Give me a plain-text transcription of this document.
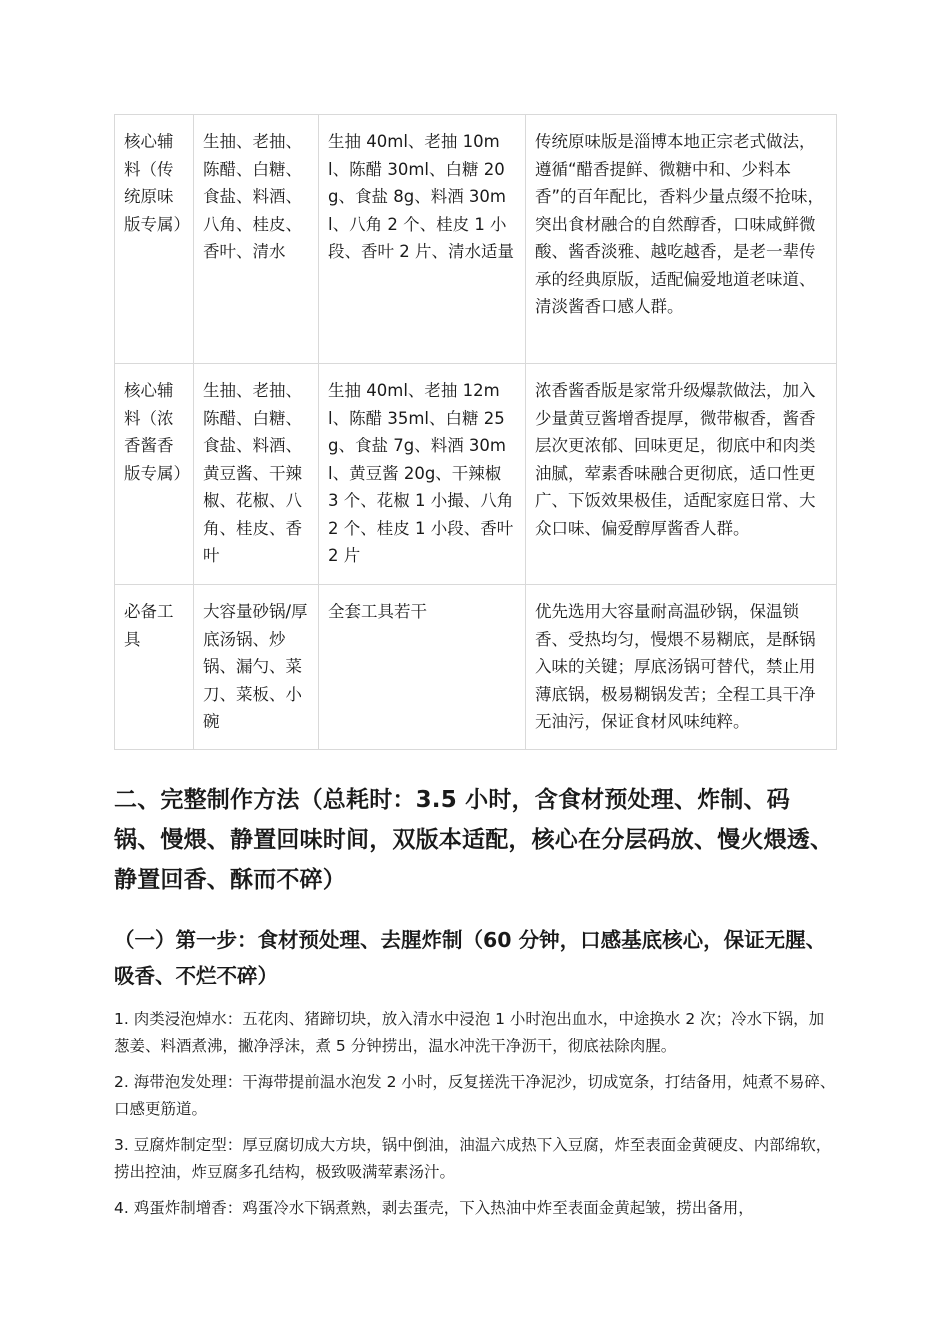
核心辅料（传统原味版专属）	生抽、老抽、陈醋、白糖、食盐、料酒、八角、桂皮、香叶、清水	生抽 40ml、老抽 10ml、陈醋 30ml、白糖 20g、食盐 8g、料酒 30ml、八角 2 个、桂皮 1 小段、香叶 2 片、清水适量	传统原味版是淄博本地正宗老式做法，遵循“醋香提鲜、微糖中和、少料本香”的百年配比，香料少量点缀不抢味，突出食材融合的自然醇香，口味咸鲜微酸、酱香淡雅、越吃越香，是老一辈传承的经典原版，适配偏爱地道老味道、清淡酱香口感人群。
核心辅料（浓香酱香版专属）	生抽、老抽、陈醋、白糖、食盐、料酒、黄豆酱、干辣椒、花椒、八角、桂皮、香叶	生抽 40ml、老抽 12ml、陈醋 35ml、白糖 25g、食盐 7g、料酒 30ml、黄豆酱 20g、干辣椒 3 个、花椒 1 小撮、八角 2 个、桂皮 1 小段、香叶 2 片	浓香酱香版是家常升级爆款做法，加入少量黄豆酱增香提厚，微带椒香，酱香层次更浓郁、回味更足，彻底中和肉类油腻，荤素香味融合更彻底，适口性更广、下饭效果极佳，适配家庭日常、大众口味、偏爱醇厚酱香人群。
必备工具	大容量砂锅/厚底汤锅、炒锅、漏勺、菜刀、菜板、小碗	全套工具若干	优先选用大容量耐高温砂锅，保温锁香、受热均匀，慢煨不易糊底，是酥锅入味的关键；厚底汤锅可替代，禁止用薄底锅，极易糊锅发苦；全程工具干净无油污，保证食材风味纯粹。
二、完整制作方法（总耗时：3.5 小时，含食材预处理、炸制、码锅、慢煨、静置回味时间，双版本适配，核心在分层码放、慢火煨透、静置回香、酥而不碎）
（一）第一步：食材预处理、去腥炸制（60 分钟，口感基底核心，保证无腥、吸香、不烂不碎）
1. 肉类浸泡焯水：五花肉、猪蹄切块，放入清水中浸泡 1 小时泡出血水，中途换水 2 次；冷水下锅，加葱姜、料酒煮沸，撇净浮沫，煮 5 分钟捞出，温水冲洗干净沥干，彻底祛除肉腥。
2. 海带泡发处理：干海带提前温水泡发 2 小时，反复搓洗干净泥沙，切成宽条，打结备用，炖煮不易碎、口感更筋道。
3. 豆腐炸制定型：厚豆腐切成大方块，锅中倒油，油温六成热下入豆腐，炸至表面金黄硬皮、内部绵软，捞出控油，炸豆腐多孔结构，极致吸满荤素汤汁。
4. 鸡蛋炸制增香：鸡蛋冷水下锅煮熟，剥去蛋壳，下入热油中炸至表面金黄起皱，捞出备用，
